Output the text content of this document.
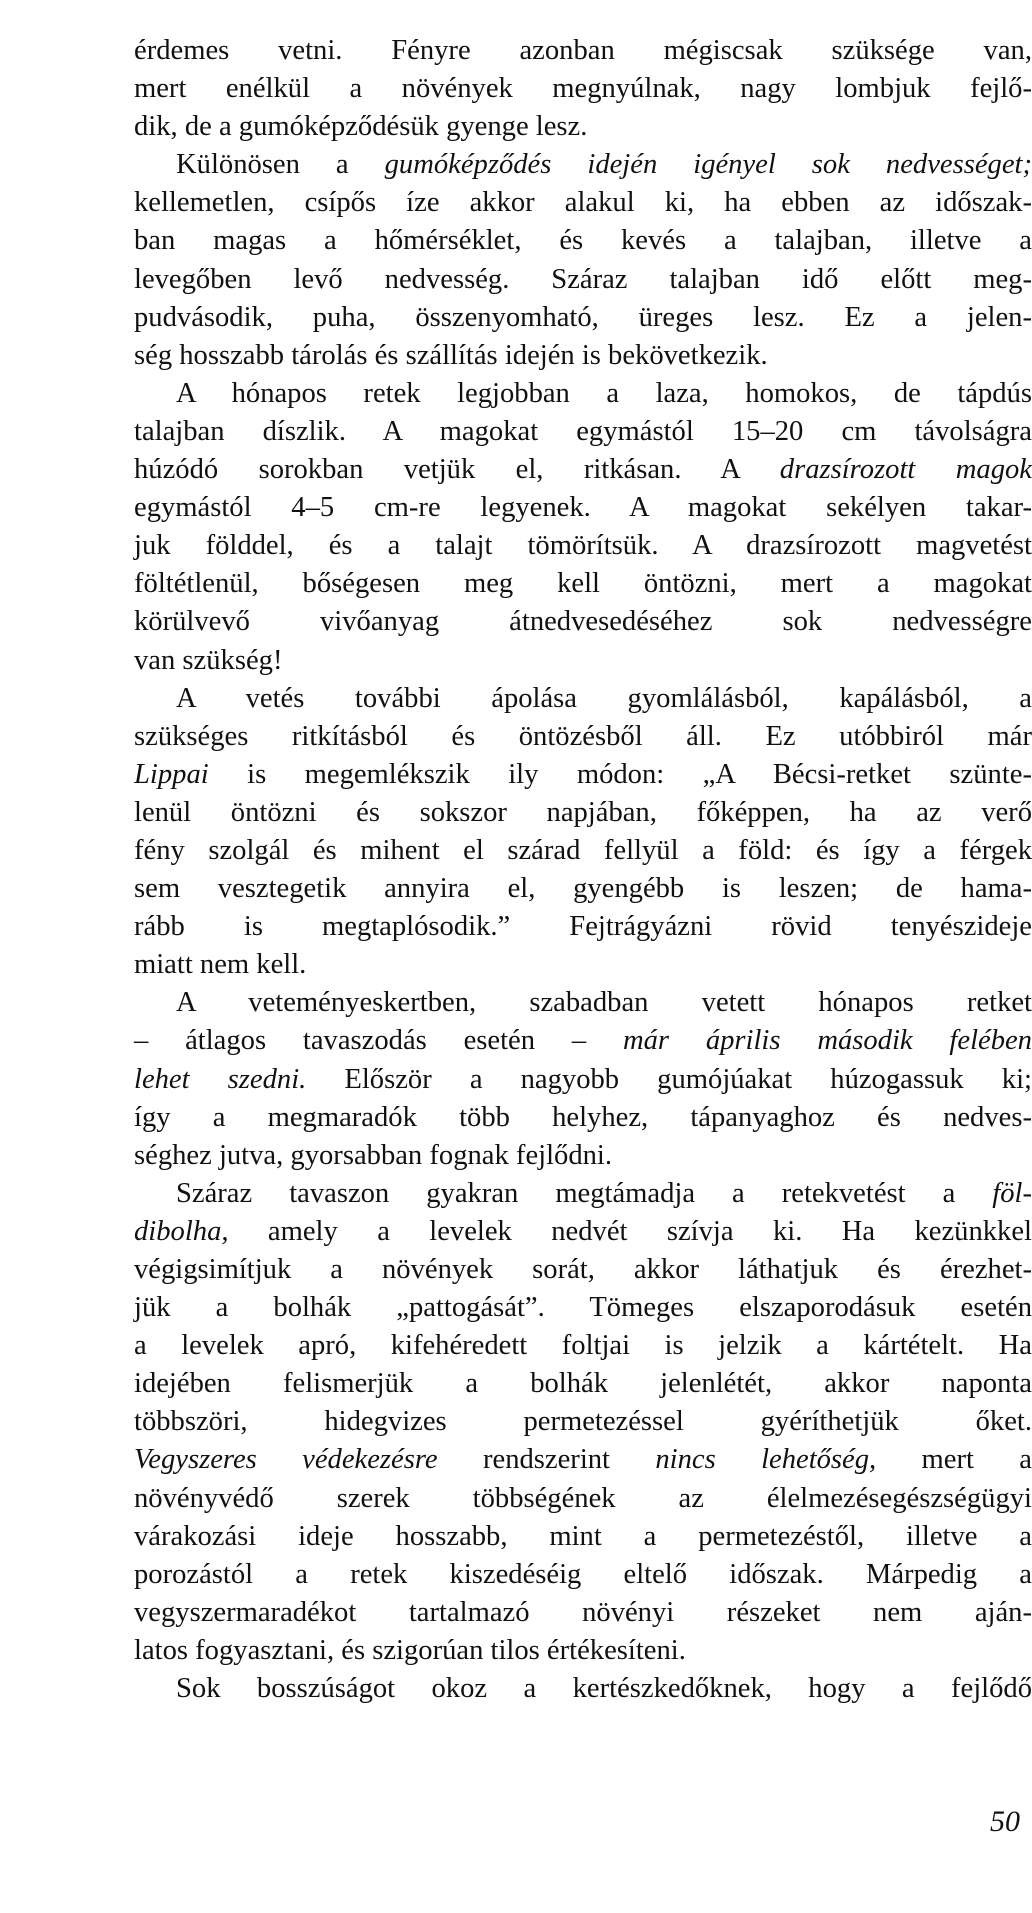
érdemes vetni. Fényre azonban mégiscsak szüksége van,
mert enélkül a növények megnyúlnak, nagy lombjuk fejlő-
dik, de a gumóképződésük gyenge lesz.
Különösen a gumóképződés idején igényel sok nedvességet;
kellemetlen, csípős íze akkor alakul ki, ha ebben az időszak-
ban magas a hőmérséklet, és kevés a talajban, illetve a
levegőben levő nedvesség. Száraz talajban idő előtt meg-
pudvásodik, puha, összenyomható, üreges lesz. Ez a jelen-
ség hosszabb tárolás és szállítás idején is bekövetkezik.
A hónapos retek legjobban a laza, homokos, de tápdús
talajban díszlik. A magokat egymástól 15–20 cm távolságra
húzódó sorokban vetjük el, ritkásan. A drazsírozott magok
egymástól 4–5 cm-re legyenek. A magokat sekélyen takar-
juk földdel, és a talajt tömörítsük. A drazsírozott magvetést
föltétlenül, bőségesen meg kell öntözni, mert a magokat
körülvevő vivőanyag átnedvesedéséhez sok nedvességre
van szükség!
A vetés további ápolása gyomlálásból, kapálásból, a
szükséges ritkításból és öntözésből áll. Ez utóbbiról már
Lippai is megemlékszik ily módon: „A Bécsi-retket szünte-
lenül öntözni és sokszor napjában, főképpen, ha az verő
fény szolgál és mihent el szárad fellyül a föld: és így a férgek
sem vesztegetik annyira el, gyengébb is leszen; de hama-
rább is megtaplósodik.” Fejtrágyázni rövid tenyészideje
miatt nem kell.
A veteményeskertben, szabadban vetett hónapos retket
– átlagos tavaszodás esetén – már április második felében
lehet szedni. Először a nagyobb gumójúakat húzogassuk ki;
így a megmaradók több helyhez, tápanyaghoz és nedves-
séghez jutva, gyorsabban fognak fejlődni.
Száraz tavaszon gyakran megtámadja a retekvetést a föl-
dibolha, amely a levelek nedvét szívja ki. Ha kezünkkel
végigsimítjuk a növények sorát, akkor láthatjuk és érezhet-
jük a bolhák „pattogását”. Tömeges elszaporodásuk esetén
a levelek apró, kifehéredett foltjai is jelzik a kártételt. Ha
idejében felismerjük a bolhák jelenlétét, akkor naponta
többszöri, hidegvizes permetezéssel gyéríthetjük őket.
Vegyszeres védekezésre rendszerint nincs lehetőség, mert a
növényvédő szerek többségének az élelmezésegészségügyi
várakozási ideje hosszabb, mint a permetezéstől, illetve a
porozástól a retek kiszedéséig eltelő időszak. Márpedig a
vegyszermaradékot tartalmazó növényi részeket nem aján-
latos fogyasztani, és szigorúan tilos értékesíteni.
Sok bosszúságot okoz a kertészkedőknek, hogy a fejlődő
50
